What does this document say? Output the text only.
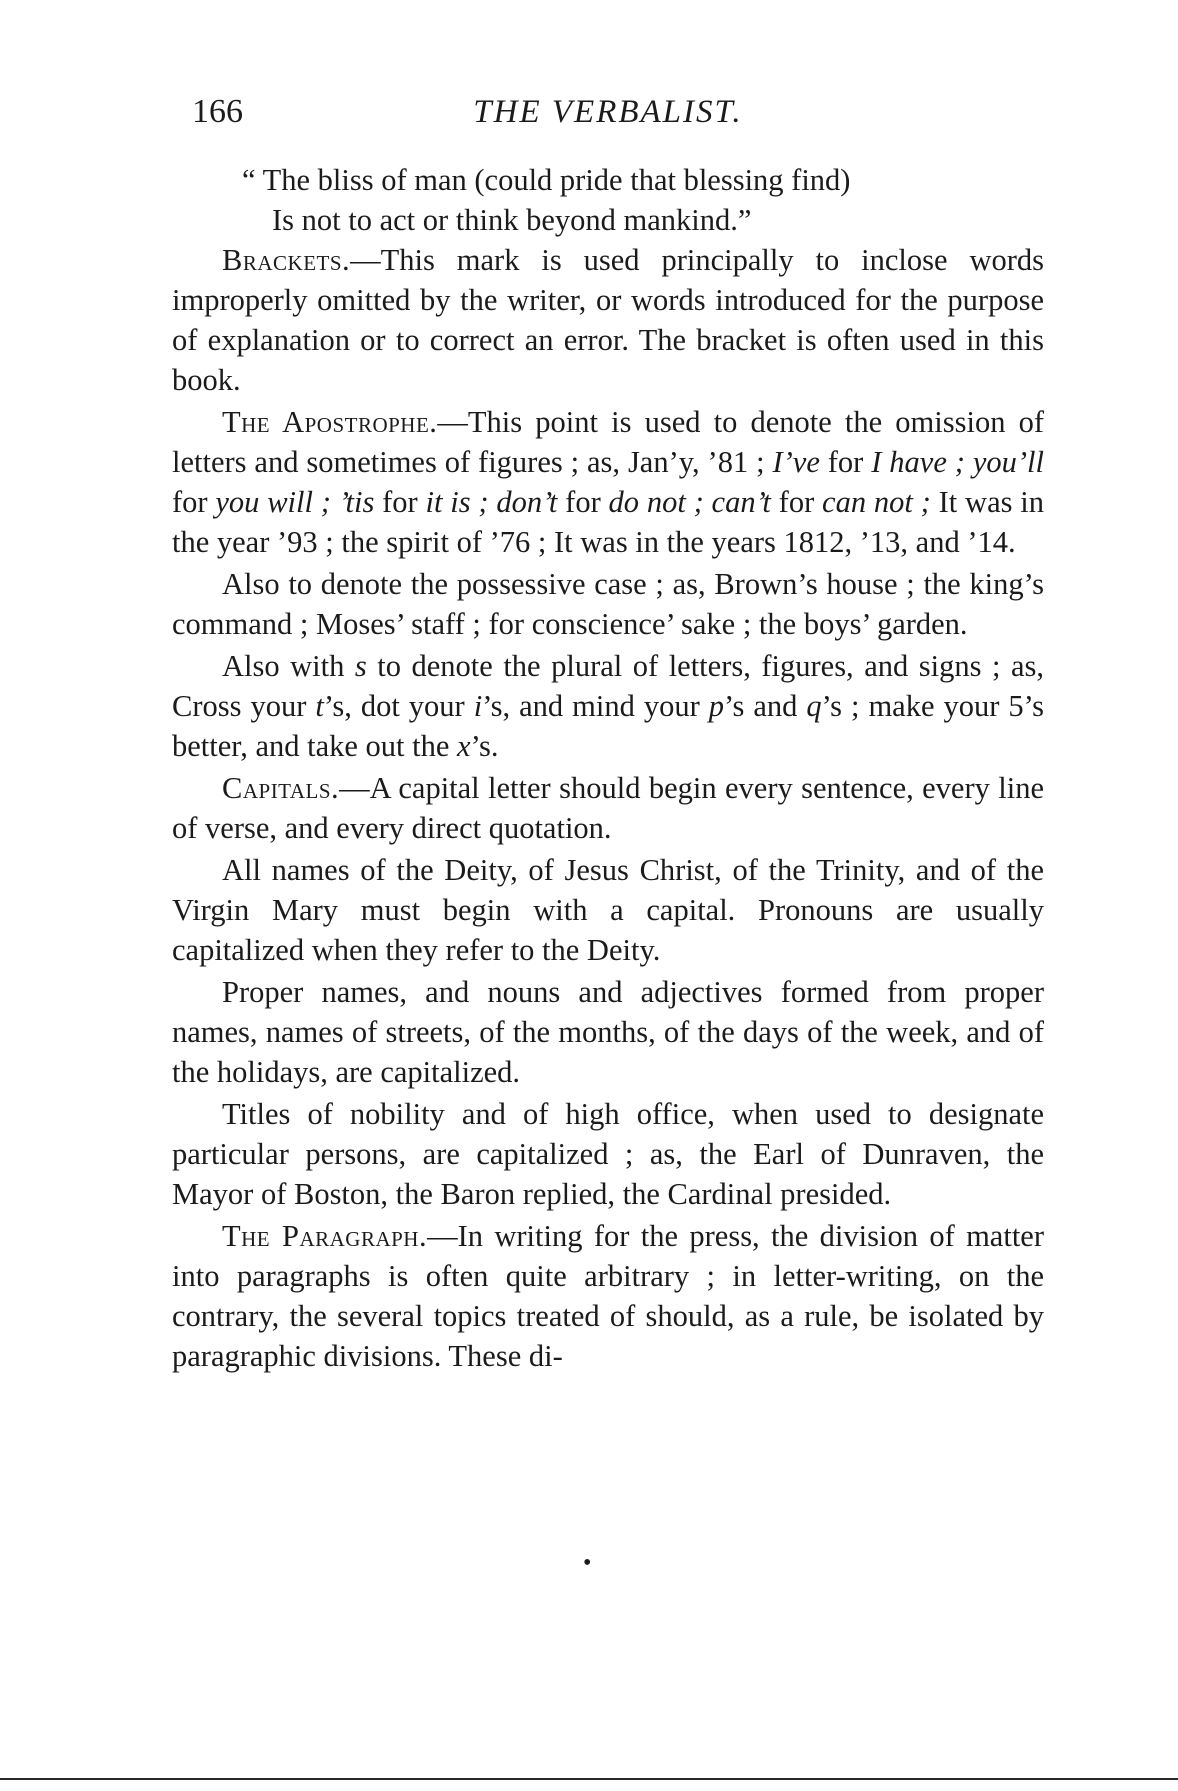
166	THE VERBALIST.
“ The bliss of man (could pride that blessing find)
Is not to act or think beyond mankind.”

Brackets.—This mark is used principally to inclose words improperly omitted by the writer, or words introduced for the purpose of explanation or to correct an error. The bracket is often used in this book.

The Apostrophe.—This point is used to denote the omission of letters and sometimes of figures ; as, Jan’y, ’81 ; I’ve for I have ; you’ll for you will ; ’tis for it is ; don’t for do not ; can’t for can not ; It was in the year ’93 ; the spirit of ’76 ; It was in the years 1812, ’13, and ’14.

Also to denote the possessive case ; as, Brown’s house ; the king’s command ; Moses’ staff ; for conscience’ sake ; the boys’ garden.

Also with s to denote the plural of letters, figures, and signs ; as, Cross your t’s, dot your i’s, and mind your p’s and q’s ; make your 5’s better, and take out the x’s.

Capitals.—A capital letter should begin every sentence, every line of verse, and every direct quotation.

All names of the Deity, of Jesus Christ, of the Trinity, and of the Virgin Mary must begin with a capital. Pronouns are usually capitalized when they refer to the Deity.

Proper names, and nouns and adjectives formed from proper names, names of streets, of the months, of the days of the week, and of the holidays, are capitalized.

Titles of nobility and of high office, when used to designate particular persons, are capitalized ; as, the Earl of Dunraven, the Mayor of Boston, the Baron replied, the Cardinal presided.

The Paragraph.—In writing for the press, the division of matter into paragraphs is often quite arbitrary ; in letter-writing, on the contrary, the several topics treated of should, as a rule, be isolated by paragraphic divisions. These di-

•
